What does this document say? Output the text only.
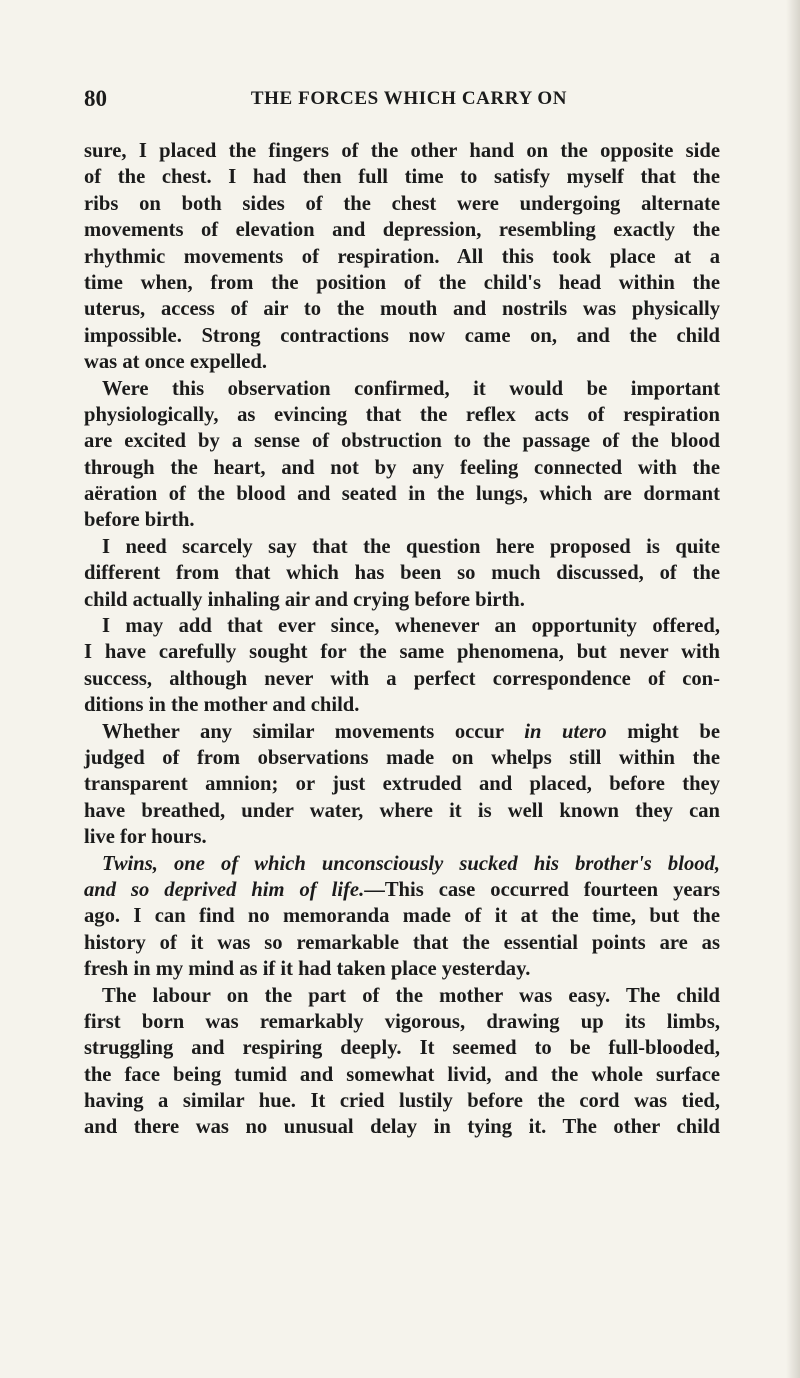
80	THE FORCES WHICH CARRY ON
sure, I placed the fingers of the other hand on the opposite side
of the chest. I had then full time to satisfy myself that the
ribs on both sides of the chest were undergoing alternate
movements of elevation and depression, resembling exactly the
rhythmic movements of respiration. All this took place at a
time when, from the position of the child's head within the
uterus, access of air to the mouth and nostrils was physically
impossible. Strong contractions now came on, and the child
was at once expelled.
Were this observation confirmed, it would be important
physiologically, as evincing that the reflex acts of respiration
are excited by a sense of obstruction to the passage of the blood
through the heart, and not by any feeling connected with the
aëration of the blood and seated in the lungs, which are dormant
before birth.
I need scarcely say that the question here proposed is quite
different from that which has been so much discussed, of the
child actually inhaling air and crying before birth.
I may add that ever since, whenever an opportunity offered,
I have carefully sought for the same phenomena, but never with
success, although never with a perfect correspondence of con-
ditions in the mother and child.
Whether any similar movements occur in utero might be
judged of from observations made on whelps still within the
transparent amnion; or just extruded and placed, before they
have breathed, under water, where it is well known they can
live for hours.
Twins, one of which unconsciously sucked his brother's blood,
and so deprived him of life.—This case occurred fourteen years
ago. I can find no memoranda made of it at the time, but the
history of it was so remarkable that the essential points are as
fresh in my mind as if it had taken place yesterday.
The labour on the part of the mother was easy. The child
first born was remarkably vigorous, drawing up its limbs,
struggling and respiring deeply. It seemed to be full-blooded,
the face being tumid and somewhat livid, and the whole surface
having a similar hue. It cried lustily before the cord was tied,
and there was no unusual delay in tying it. The other child
